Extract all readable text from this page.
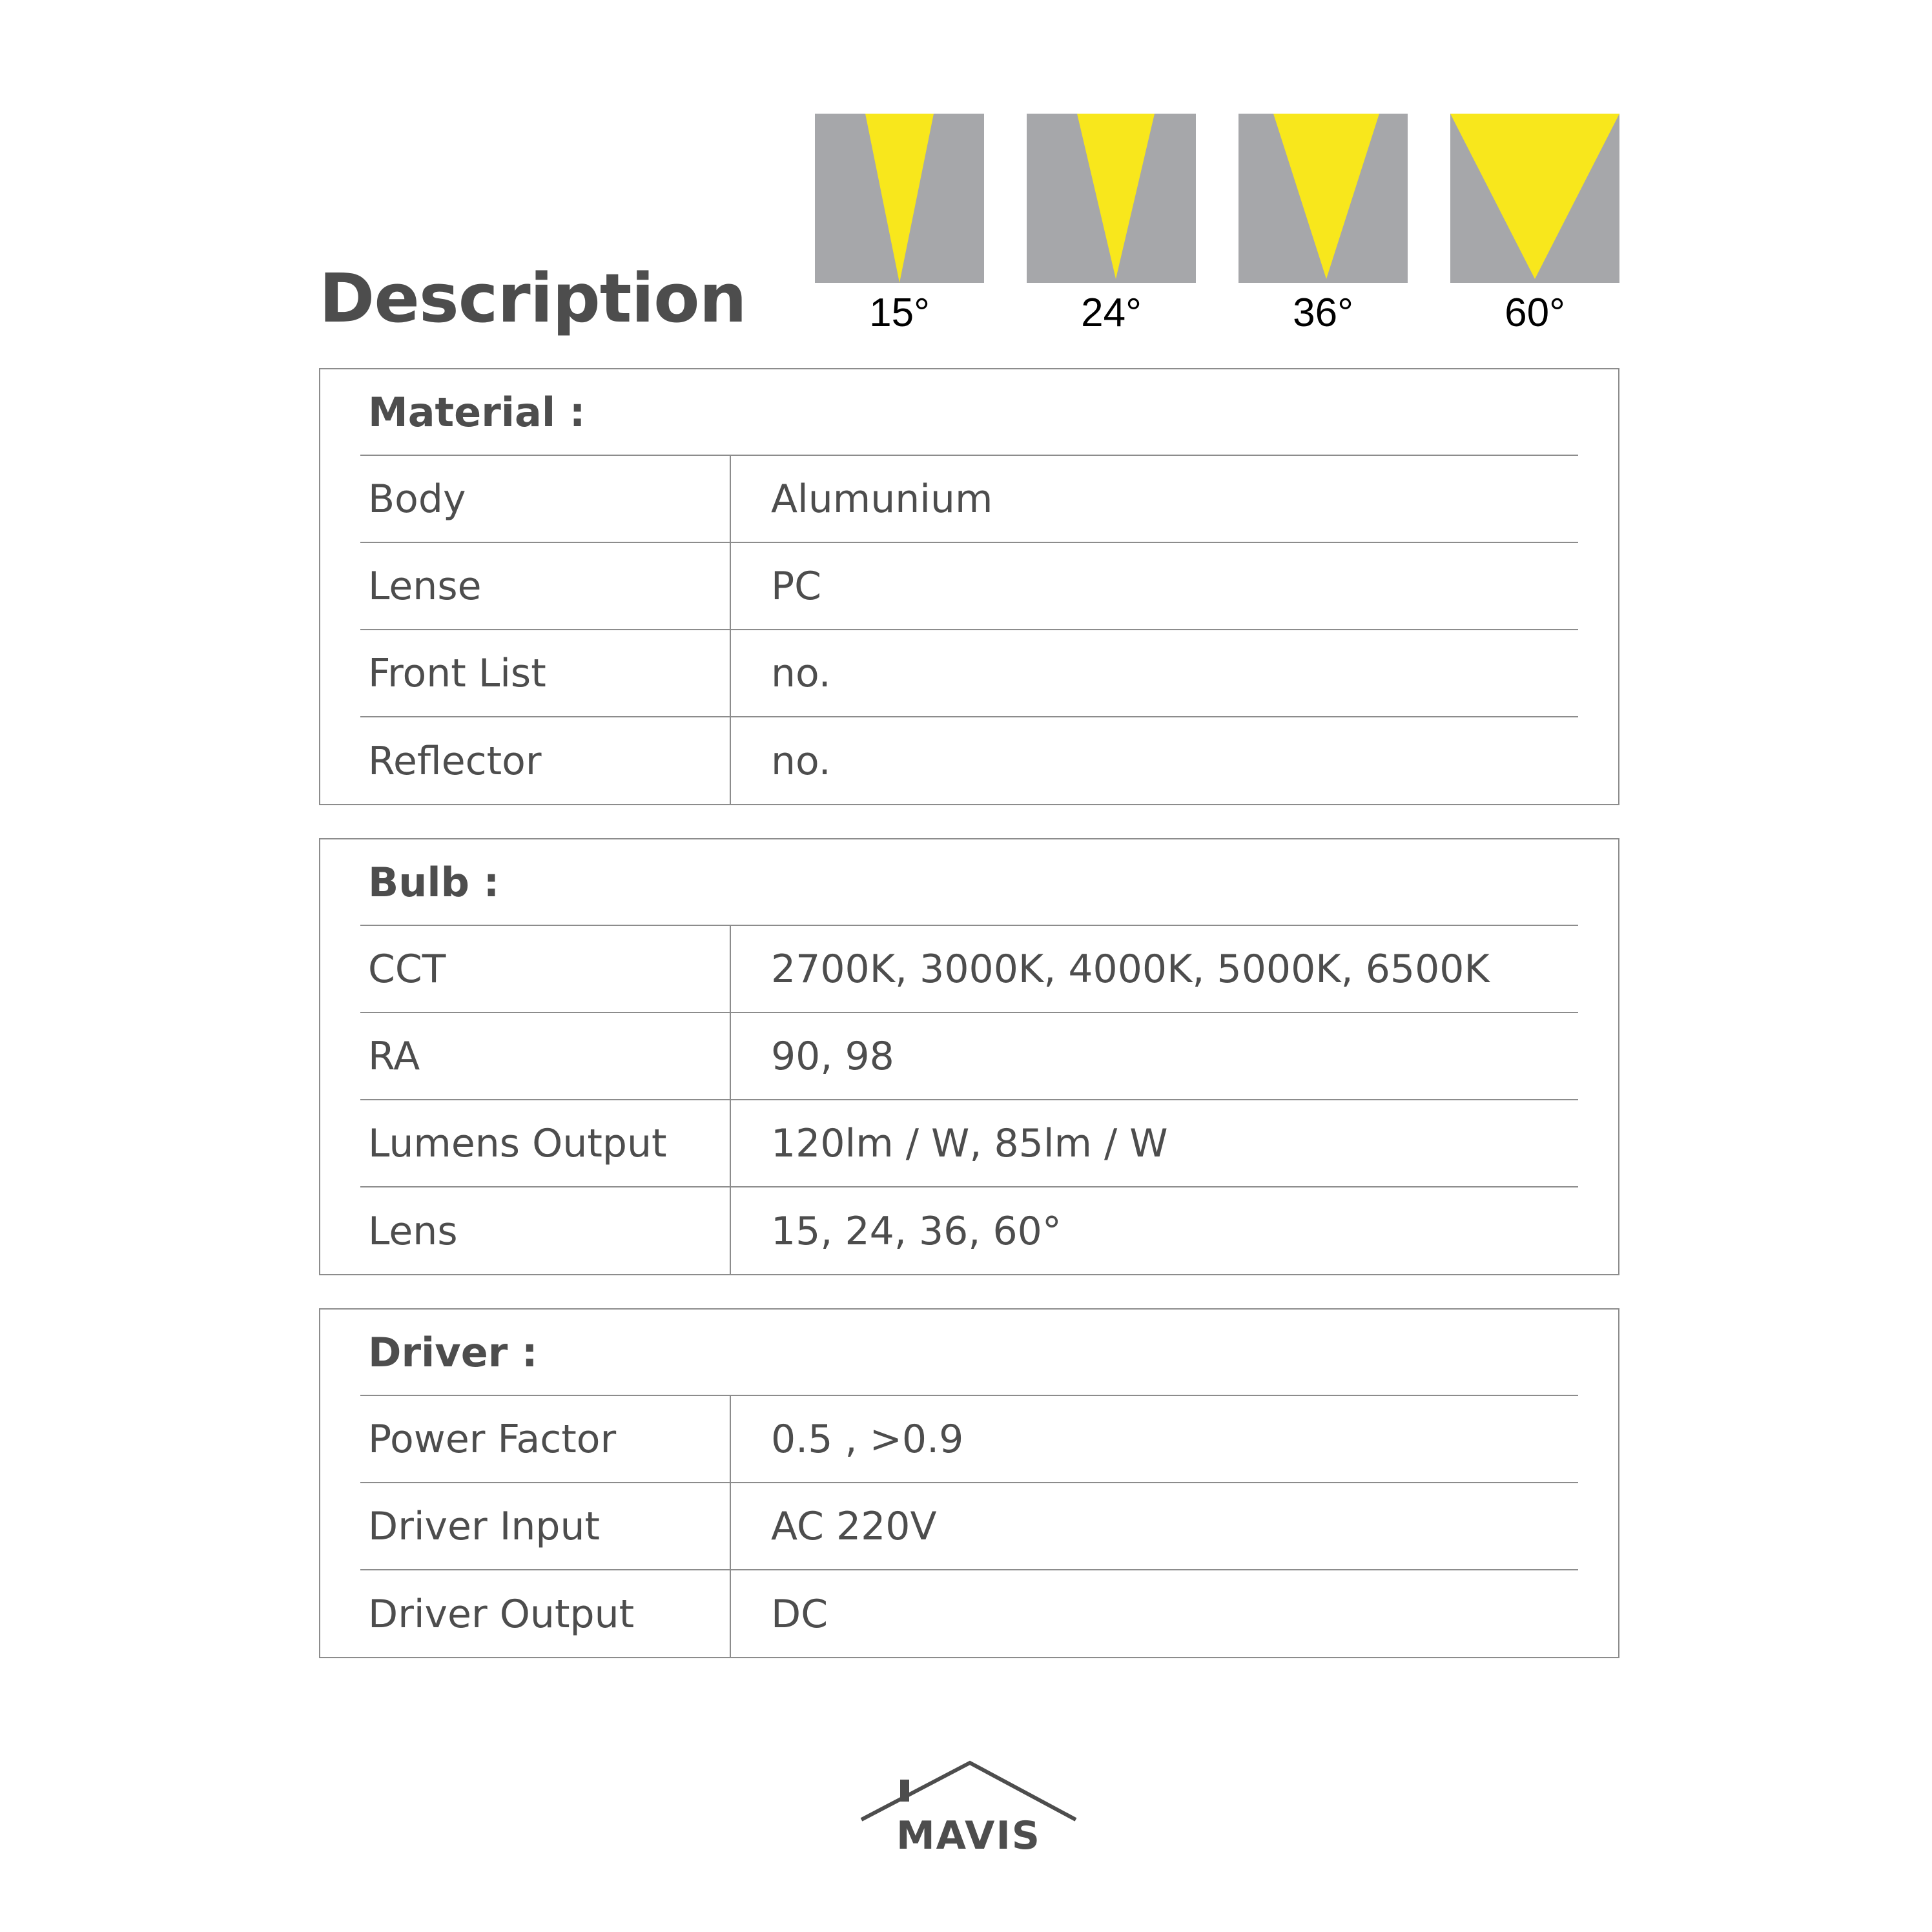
Description	15°	24°	36°	60°
Material :
Body	Alumunium
Lense	PC
Front List	no.
Reflector	no.
Bulb :
CCT	2700K, 3000K, 4000K, 5000K, 6500K
RA	90, 98
Lumens Output	120lm / W, 85lm / W
Lens	15, 24, 36, 60°
Driver :
Power Factor	0.5 , >0.9
Driver Input	AC 220V
Driver Output	DC
MAVIS
